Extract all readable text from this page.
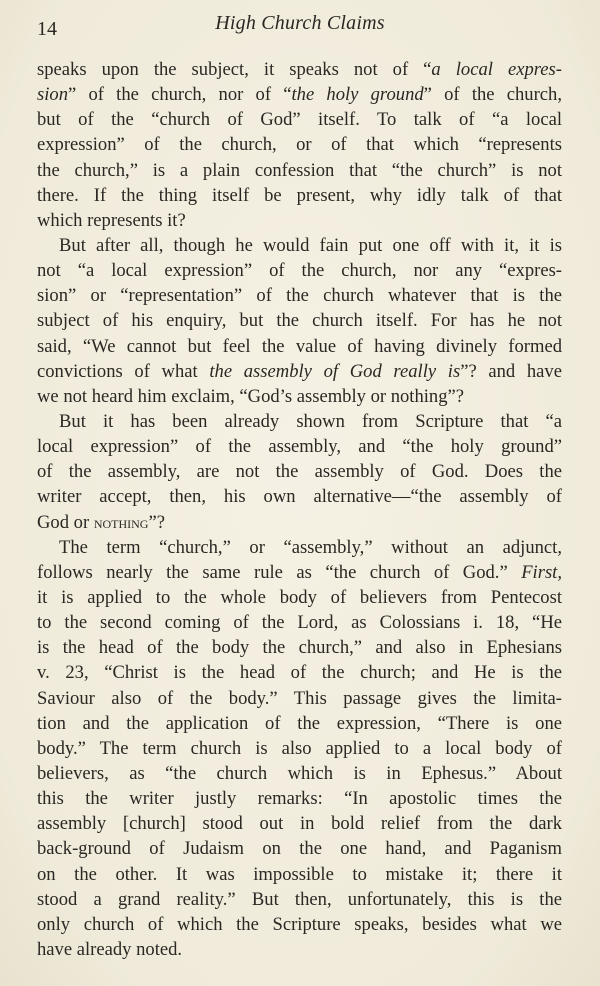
14	High Church Claims
speaks upon the subject, it speaks not of “a local expres-
sion” of the church, nor of “the holy ground” of the church,
but of the “church of God” itself. To talk of “a local
expression” of the church, or of that which “represents
the church,” is a plain confession that “the church” is not
there. If the thing itself be present, why idly talk of that
which represents it?
But after all, though he would fain put one off with it, it is
not “a local expression” of the church, nor any “expres-
sion” or “representation” of the church whatever that is the
subject of his enquiry, but the church itself. For has he not
said, “We cannot but feel the value of having divinely formed
convictions of what the assembly of God really is”? and have
we not heard him exclaim, “God’s assembly or nothing”?
But it has been already shown from Scripture that “a
local expression” of the assembly, and “the holy ground”
of the assembly, are not the assembly of God. Does the
writer accept, then, his own alternative—“the assembly of
God or nothing”?
The term “church,” or “assembly,” without an adjunct,
follows nearly the same rule as “the church of God.” First,
it is applied to the whole body of believers from Pentecost
to the second coming of the Lord, as Colossians i. 18, “He
is the head of the body the church,” and also in Ephesians
v. 23, “Christ is the head of the church; and He is the
Saviour also of the body.” This passage gives the limita-
tion and the application of the expression, “There is one
body.” The term church is also applied to a local body of
believers, as “the church which is in Ephesus.” About
this the writer justly remarks: “In apostolic times the
assembly [church] stood out in bold relief from the dark
back-ground of Judaism on the one hand, and Paganism
on the other. It was impossible to mistake it; there it
stood a grand reality.” But then, unfortunately, this is the
only church of which the Scripture speaks, besides what we
have already noted.
